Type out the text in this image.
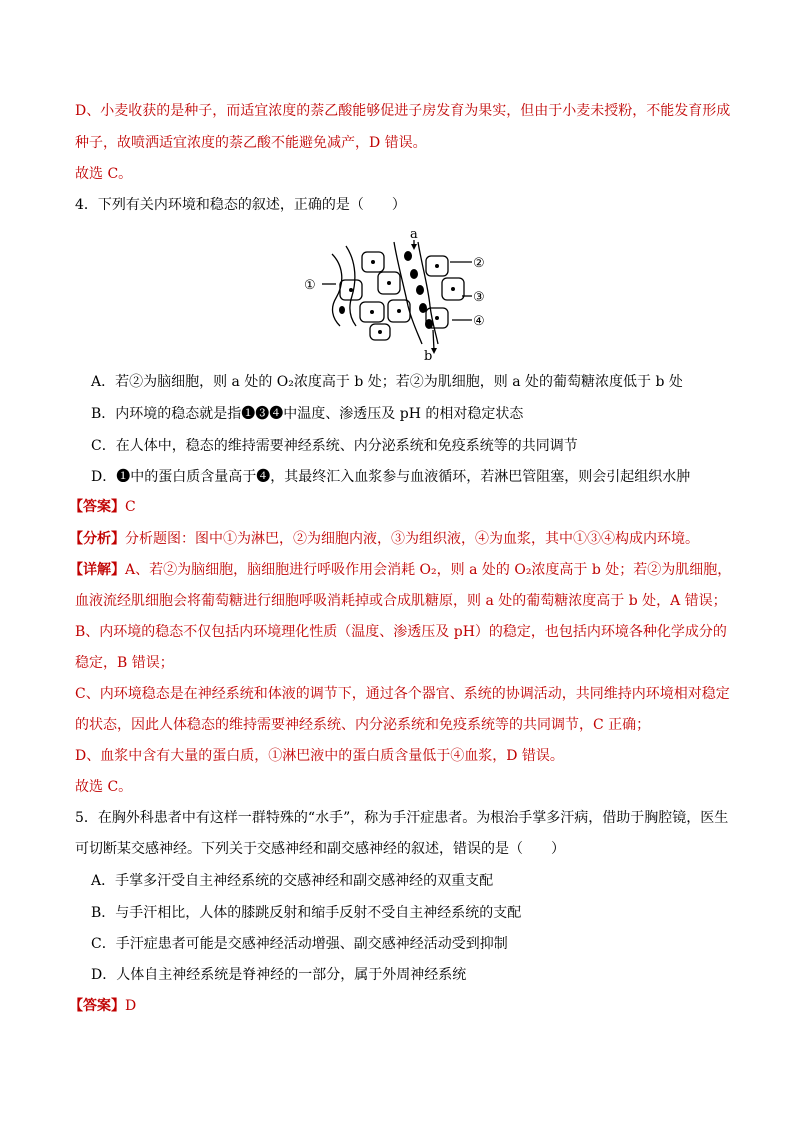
D、小麦收获的是种子，而适宜浓度的萘乙酸能够促进子房发育为果实，但由于小麦未授粉，不能发育形成
种子，故喷洒适宜浓度的萘乙酸不能避免减产，D 错误。
故选 C。
4．下列有关内环境和稳态的叙述，正确的是（　　）
a
b
①
②
③
④
A．若②为脑细胞，则 a 处的 O₂浓度高于 b 处；若②为肌细胞，则 a 处的葡萄糖浓度低于 b 处
B．内环境的稳态就是指❶❸❹中温度、渗透压及 pH 的相对稳定状态
C．在人体中，稳态的维持需要神经系统、内分泌系统和免疫系统等的共同调节
D．❶中的蛋白质含量高于❹，其最终汇入血浆参与血液循环，若淋巴管阻塞，则会引起组织水肿
【答案】C
【分析】分析题图：图中①为淋巴，②为细胞内液，③为组织液，④为血浆，其中①③④构成内环境。
【详解】A、若②为脑细胞，脑细胞进行呼吸作用会消耗 O₂，则 a 处的 O₂浓度高于 b 处；若②为肌细胞，
血液流经肌细胞会将葡萄糖进行细胞呼吸消耗掉或合成肌糖原，则 a 处的葡萄糖浓度高于 b 处，A 错误；
B、内环境的稳态不仅包括内环境理化性质（温度、渗透压及 pH）的稳定，也包括内环境各种化学成分的
稳定，B 错误；
C、内环境稳态是在神经系统和体液的调节下，通过各个器官、系统的协调活动，共同维持内环境相对稳定
的状态，因此人体稳态的维持需要神经系统、内分泌系统和免疫系统等的共同调节，C 正确；
D、血浆中含有大量的蛋白质，①淋巴液中的蛋白质含量低于④血浆，D 错误。
故选 C。
5．在胸外科患者中有这样一群特殊的“水手”，称为手汗症患者。为根治手掌多汗病，借助于胸腔镜，医生
可切断某交感神经。下列关于交感神经和副交感神经的叙述，错误的是（　　）
A．手掌多汗受自主神经系统的交感神经和副交感神经的双重支配
B．与手汗相比，人体的膝跳反射和缩手反射不受自主神经系统的支配
C．手汗症患者可能是交感神经活动增强、副交感神经活动受到抑制
D．人体自主神经系统是脊神经的一部分，属于外周神经系统
【答案】D
